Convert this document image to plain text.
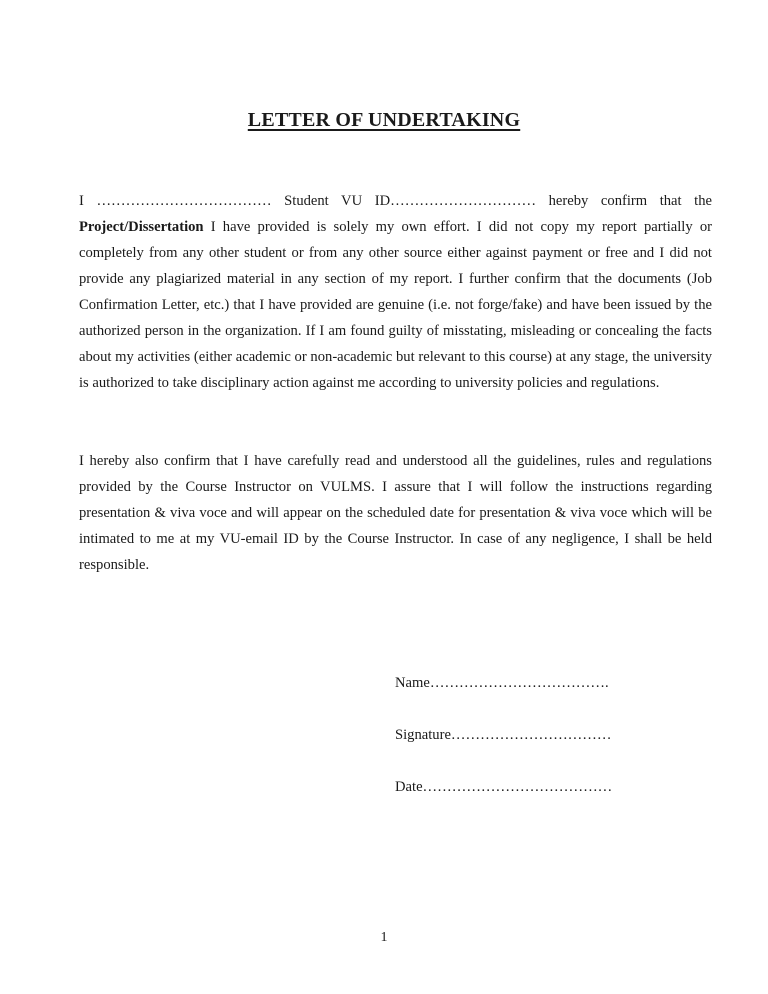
LETTER OF UNDERTAKING

I ……………………………… Student VU ID………………………… hereby confirm that the Project/Dissertation I have provided is solely my own effort. I did not copy my report partially or completely from any other student or from any other source either against payment or free and I did not provide any plagiarized material in any section of my report. I further confirm that the documents (Job Confirmation Letter, etc.) that I have provided are genuine (i.e. not forge/fake) and have been issued by the authorized person in the organization. If I am found guilty of misstating, misleading or concealing the facts about my activities (either academic or non-academic but relevant to this course) at any stage, the university is authorized to take disciplinary action against me according to university policies and regulations.

I hereby also confirm that I have carefully read and understood all the guidelines, rules and regulations provided by the Course Instructor on VULMS. I assure that I will follow the instructions regarding presentation & viva voce and will appear on the scheduled date for presentation & viva voce which will be intimated to me at my VU-email ID by the Course Instructor. In case of any negligence, I shall be held responsible.

Name……………………………….
Signature……………………………
Date…………………………………
1
